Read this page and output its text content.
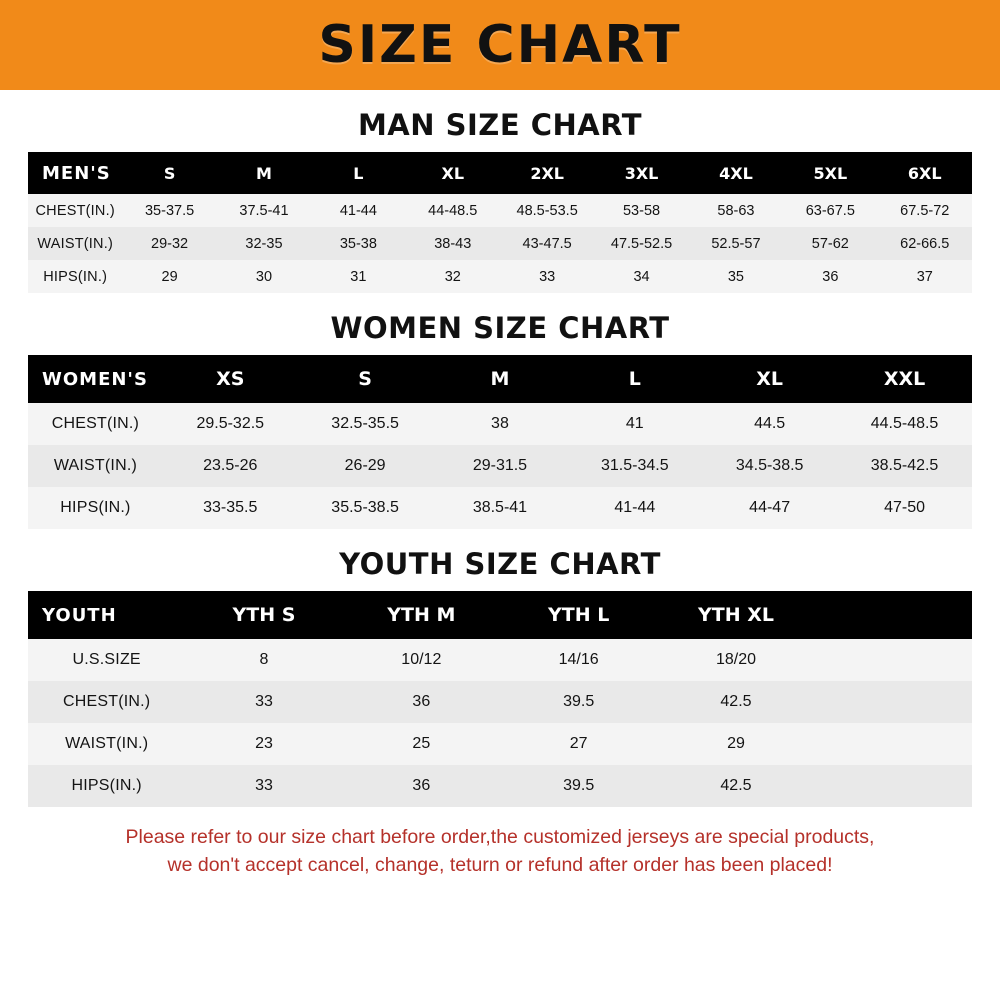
SIZE CHART
MAN SIZE CHART
MEN'S	S	M	L	XL	2XL	3XL	4XL	5XL	6XL
CHEST(IN.)	35-37.5	37.5-41	41-44	44-48.5	48.5-53.5	53-58	58-63	63-67.5	67.5-72
WAIST(IN.)	29-32	32-35	35-38	38-43	43-47.5	47.5-52.5	52.5-57	57-62	62-66.5
HIPS(IN.)	29	30	31	32	33	34	35	36	37
WOMEN SIZE CHART
WOMEN'S	XS	S	M	L	XL	XXL
CHEST(IN.)	29.5-32.5	32.5-35.5	38	41	44.5	44.5-48.5
WAIST(IN.)	23.5-26	26-29	29-31.5	31.5-34.5	34.5-38.5	38.5-42.5
HIPS(IN.)	33-35.5	35.5-38.5	38.5-41	41-44	44-47	47-50
YOUTH SIZE CHART
YOUTH	YTH S	YTH M	YTH L	YTH XL	
U.S.SIZE	8	10/12	14/16	18/20	
CHEST(IN.)	33	36	39.5	42.5	
WAIST(IN.)	23	25	27	29	
HIPS(IN.)	33	36	39.5	42.5	
Please refer to our size chart before order,the customized jerseys are special products,
we don't accept cancel, change, teturn or refund after order has been placed!
